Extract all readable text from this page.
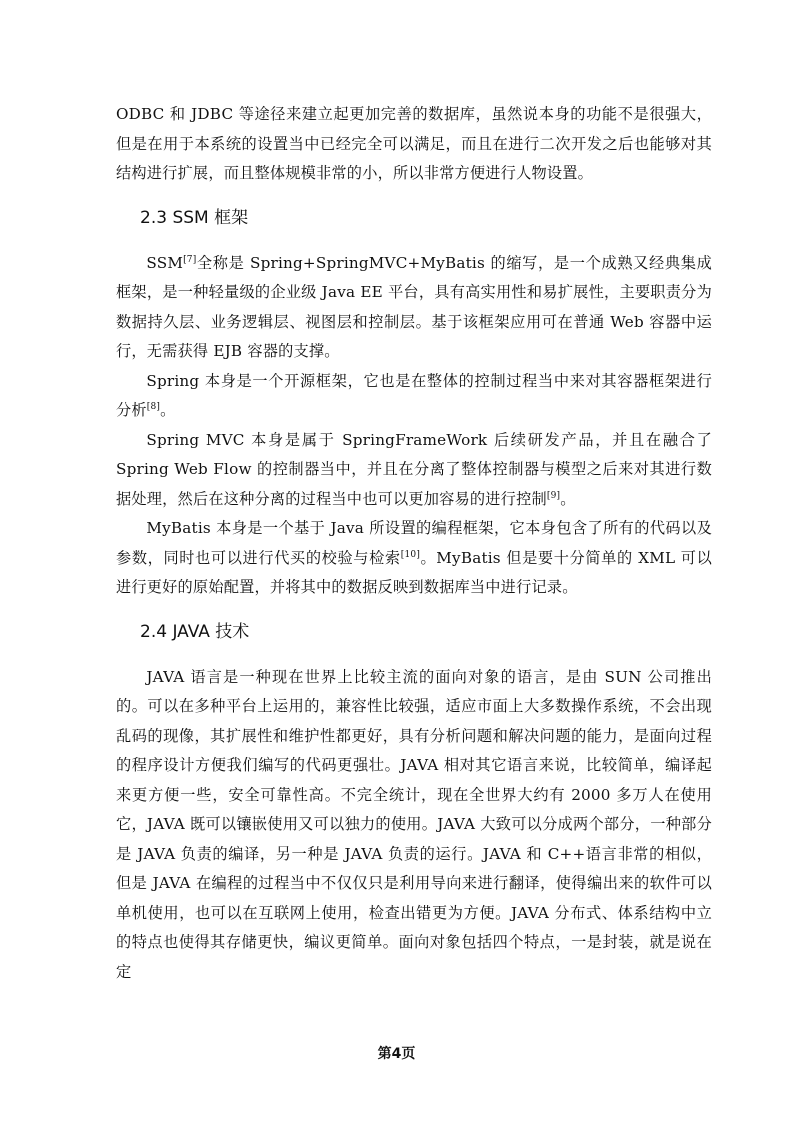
ODBC 和 JDBC 等途径来建立起更加完善的数据库，虽然说本身的功能不是很强大，但是在用于本系统的设置当中已经完全可以满足，而且在进行二次开发之后也能够对其结构进行扩展，而且整体规模非常的小，所以非常方便进行人物设置。

2.3 SSM 框架

SSM[7]全称是 Spring+SpringMVC+MyBatis 的缩写，是一个成熟又经典集成框架，是一种轻量级的企业级 Java EE 平台，具有高实用性和易扩展性，主要职责分为数据持久层、业务逻辑层、视图层和控制层。基于该框架应用可在普通 Web 容器中运行，无需获得 EJB 容器的支撑。

Spring 本身是一个开源框架，它也是在整体的控制过程当中来对其容器框架进行分析[8]。

Spring MVC 本身是属于 SpringFrameWork 后续研发产品，并且在融合了 Spring Web Flow 的控制器当中，并且在分离了整体控制器与模型之后来对其进行数据处理，然后在这种分离的过程当中也可以更加容易的进行控制[9]。

MyBatis 本身是一个基于 Java 所设置的编程框架，它本身包含了所有的代码以及参数，同时也可以进行代买的校验与检索[10]。MyBatis 但是要十分简单的 XML 可以进行更好的原始配置，并将其中的数据反映到数据库当中进行记录。

2.4 JAVA 技术

JAVA 语言是一种现在世界上比较主流的面向对象的语言，是由 SUN 公司推出的。可以在多种平台上运用的，兼容性比较强，适应市面上大多数操作系统，不会出现乱码的现像，其扩展性和维护性都更好，具有分析问题和解决问题的能力，是面向过程的程序设计方便我们编写的代码更强壮。JAVA 相对其它语言来说，比较简单，编译起来更方便一些，安全可靠性高。不完全统计，现在全世界大约有 2000 多万人在使用它，JAVA 既可以镶嵌使用又可以独力的使用。JAVA 大致可以分成两个部分，一种部分是 JAVA 负责的编译，另一种是 JAVA 负责的运行。JAVA 和 C++语言非常的相似，但是 JAVA 在编程的过程当中不仅仅只是利用导向来进行翻译，使得编出来的软件可以单机使用，也可以在互联网上使用，检查出错更为方便。JAVA 分布式、体系结构中立的特点也使得其存储更快，编议更简单。面向对象包括四个特点，一是封装，就是说在定

第4页
